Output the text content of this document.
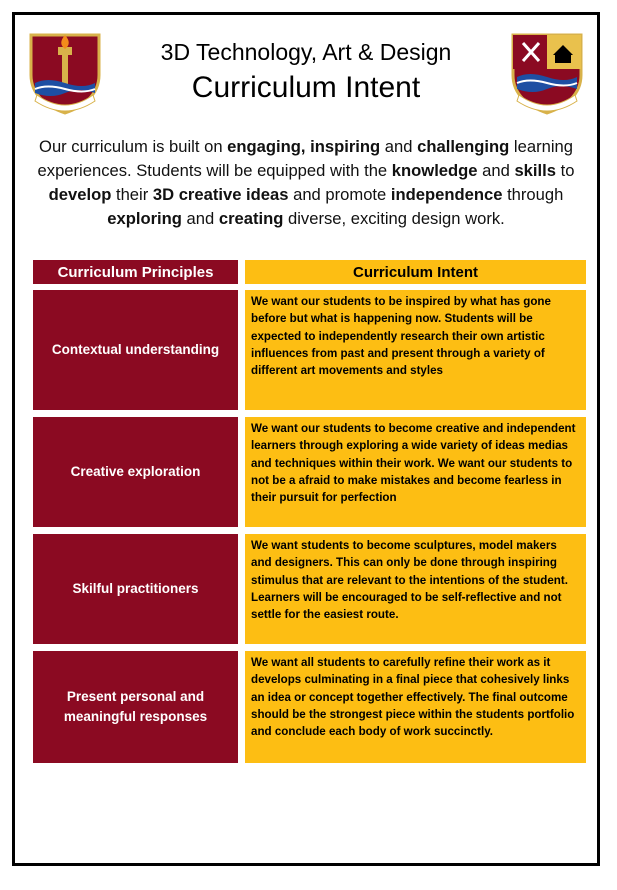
3D Technology, Art & Design
Curriculum Intent
Our curriculum is built on engaging, inspiring and challenging learning experiences. Students will be equipped with the knowledge and skills to develop their 3D creative ideas and promote independence through exploring and creating diverse, exciting design work.
Curriculum Principles	Curriculum Intent
Contextual understanding
We want our students to be inspired by what has gone before but what is happening now. Students will be expected to independently research their own artistic influences from past and present through a variety of different art movements and styles
Creative exploration
We want our students to become creative and independent learners through exploring a wide variety of ideas medias and techniques within their work. We want our students to not be a afraid to make mistakes and become fearless in their pursuit for perfection
Skilful practitioners
We want students to become sculptures, model makers and designers. This can only be done through inspiring stimulus that are relevant to the intentions of the student. Learners will be encouraged to be self-reflective and not settle for the easiest route.
Present personal and meaningful responses
We want all students to carefully refine their work as it develops culminating in a final piece that cohesively links an idea or concept together effectively. The final outcome should be the strongest piece within the students portfolio and conclude each body of work succinctly.
